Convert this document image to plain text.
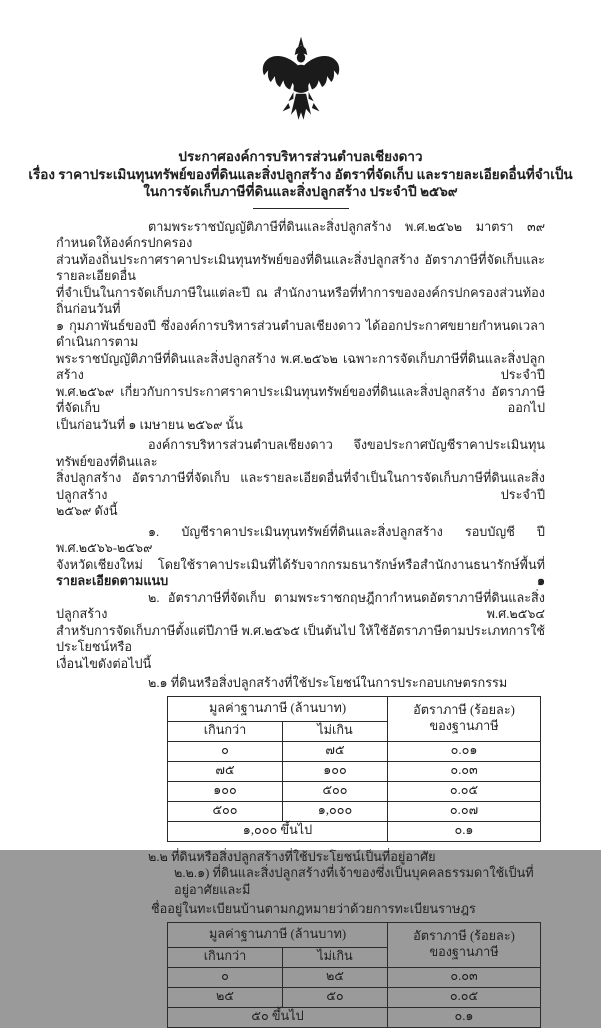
ประกาศองค์การบริหารส่วนตำบลเชียงดาว
เรื่อง ราคาประเมินทุนทรัพย์ของที่ดินและสิ่งปลูกสร้าง อัตราที่จัดเก็บ และรายละเอียดอื่นที่จำเป็น
ในการจัดเก็บภาษีที่ดินและสิ่งปลูกสร้าง ประจำปี ๒๕๖๙
ตามพระราชบัญญัติภาษีที่ดินและสิ่งปลูกสร้าง พ.ศ.๒๕๖๒ มาตรา ๓๙ กำหนดให้องค์กรปกครอง
ส่วนท้องถิ่นประกาศราคาประเมินทุนทรัพย์ของที่ดินและสิ่งปลูกสร้าง อัตราภาษีที่จัดเก็บและรายละเอียดอื่น
ที่จำเป็นในการจัดเก็บภาษีในแต่ละปี ณ สำนักงานหรือที่ทำการขององค์กรปกครองส่วนท้องถิ่นก่อนวันที่
๑ กุมภาพันธ์ของปี ซึ่งองค์การบริหารส่วนตำบลเชียงดาว ได้ออกประกาศขยายกำหนดเวลาดำเนินการตาม
พระราชบัญญัติภาษีที่ดินและสิ่งปลูกสร้าง พ.ศ.๒๕๖๒ เฉพาะการจัดเก็บภาษีที่ดินและสิ่งปลูกสร้าง ประจำปี
พ.ศ.๒๕๖๙ เกี่ยวกับการประกาศราคาประเมินทุนทรัพย์ของที่ดินและสิ่งปลูกสร้าง อัตราภาษีที่จัดเก็บ ออกไป
เป็นก่อนวันที่ ๑ เมษายน ๒๕๖๙ นั้น
องค์การบริหารส่วนตำบลเชียงดาว จึงขอประกาศบัญชีราคาประเมินทุนทรัพย์ของที่ดินและ
สิ่งปลูกสร้าง อัตราภาษีที่จัดเก็บ และรายละเอียดอื่นที่จำเป็นในการจัดเก็บภาษีที่ดินและสิ่งปลูกสร้าง ประจำปี
๒๕๖๙ ดังนี้
๑. บัญชีราคาประเมินทุนทรัพย์ที่ดินและสิ่งปลูกสร้าง รอบบัญชี ปี พ.ศ.๒๕๖๖-๒๕๖๙
จังหวัดเชียงใหม่ โดยใช้ราคาประเมินที่ได้รับจากกรมธนารักษ์หรือสำนักงานธนารักษ์พื้นที่ รายละเอียดตามแนบ ๑
๒. อัตราภาษีที่จัดเก็บ ตามพระราชกฤษฎีกากำหนดอัตราภาษีที่ดินและสิ่งปลูกสร้าง พ.ศ.๒๕๖๔
สำหรับการจัดเก็บภาษีตั้งแต่ปีภาษี พ.ศ.๒๕๖๕ เป็นต้นไป ให้ใช้อัตราภาษีตามประเภทการใช้ประโยชน์หรือ
เงื่อนไขดังต่อไปนี้
๒.๑ ที่ดินหรือสิ่งปลูกสร้างที่ใช้ประโยชน์ในการประกอบเกษตรกรรม
มูลค่าฐานภาษี (ล้านบาท)		อัตราภาษี (ร้อยละ)
ของฐานภาษี

เกินกว่า	ไม่เกิน	
๐	๗๕	๐.๐๑
๗๕	๑๐๐	๐.๐๓
๑๐๐	๕๐๐	๐.๐๕
๕๐๐	๑,๐๐๐	๐.๐๗
๑,๐๐๐ ขึ้นไป		๐.๑
๒.๒ ที่ดินหรือสิ่งปลูกสร้างที่ใช้ประโยชน์เป็นที่อยู่อาศัย
๒.๒.๑) ที่ดินและสิ่งปลูกสร้างที่เจ้าของซึ่งเป็นบุคคลธรรมดาใช้เป็นที่อยู่อาศัยและมี
ชื่ออยู่ในทะเบียนบ้านตามกฎหมายว่าด้วยการทะเบียนราษฎร
มูลค่าฐานภาษี (ล้านบาท)		อัตราภาษี (ร้อยละ)
ของฐานภาษี

เกินกว่า	ไม่เกิน	
๐	๒๕	๐.๐๓
๒๕	๕๐	๐.๐๕
๕๐ ขึ้นไป		๐.๑
